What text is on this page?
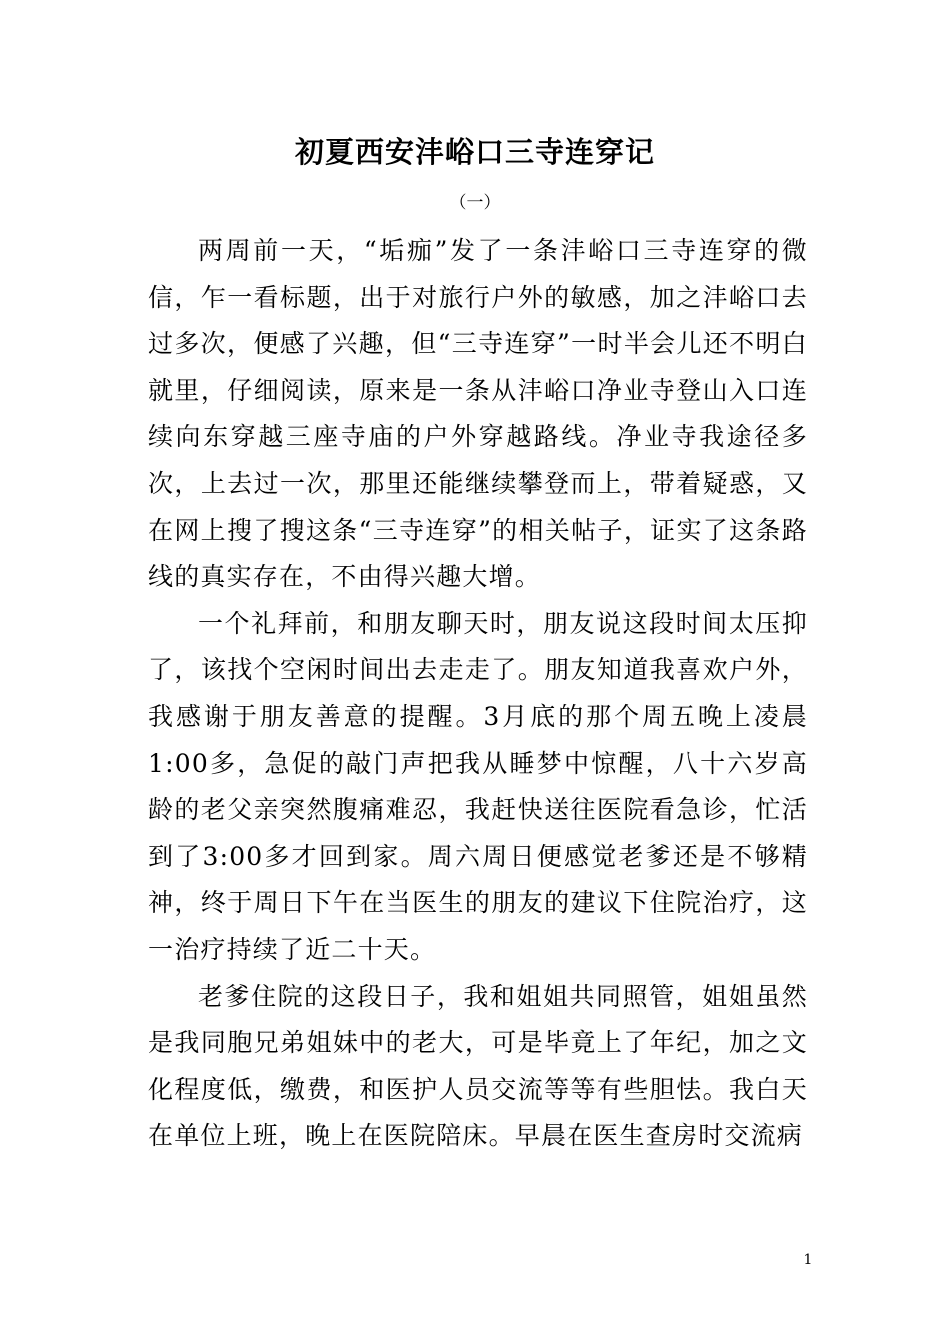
初夏西安沣峪口三寺连穿记

（一）

两周前一天，“垢痂”发了一条沣峪口三寺连穿的微信，乍一看标题，出于对旅行户外的敏感，加之沣峪口去过多次，便感了兴趣，但“三寺连穿”一时半会儿还不明白就里，仔细阅读，原来是一条从沣峪口净业寺登山入口连续向东穿越三座寺庙的户外穿越路线。净业寺我途径多次，上去过一次，那里还能继续攀登而上，带着疑惑，又在网上搜了搜这条“三寺连穿”的相关帖子，证实了这条路线的真实存在，不由得兴趣大增。

一个礼拜前，和朋友聊天时，朋友说这段时间太压抑了，该找个空闲时间出去走走了。朋友知道我喜欢户外，我感谢于朋友善意的提醒。3月底的那个周五晚上凌晨1:00多，急促的敲门声把我从睡梦中惊醒，八十六岁高龄的老父亲突然腹痛难忍，我赶快送往医院看急诊，忙活到了3:00多才回到家。周六周日便感觉老爹还是不够精神，终于周日下午在当医生的朋友的建议下住院治疗，这一治疗持续了近二十天。

老爹住院的这段日子，我和姐姐共同照管，姐姐虽然是我同胞兄弟姐妹中的老大，可是毕竟上了年纪，加之文化程度低，缴费，和医护人员交流等等有些胆怯。我白天在单位上班，晚上在医院陪床。早晨在医生查房时交流病

1
